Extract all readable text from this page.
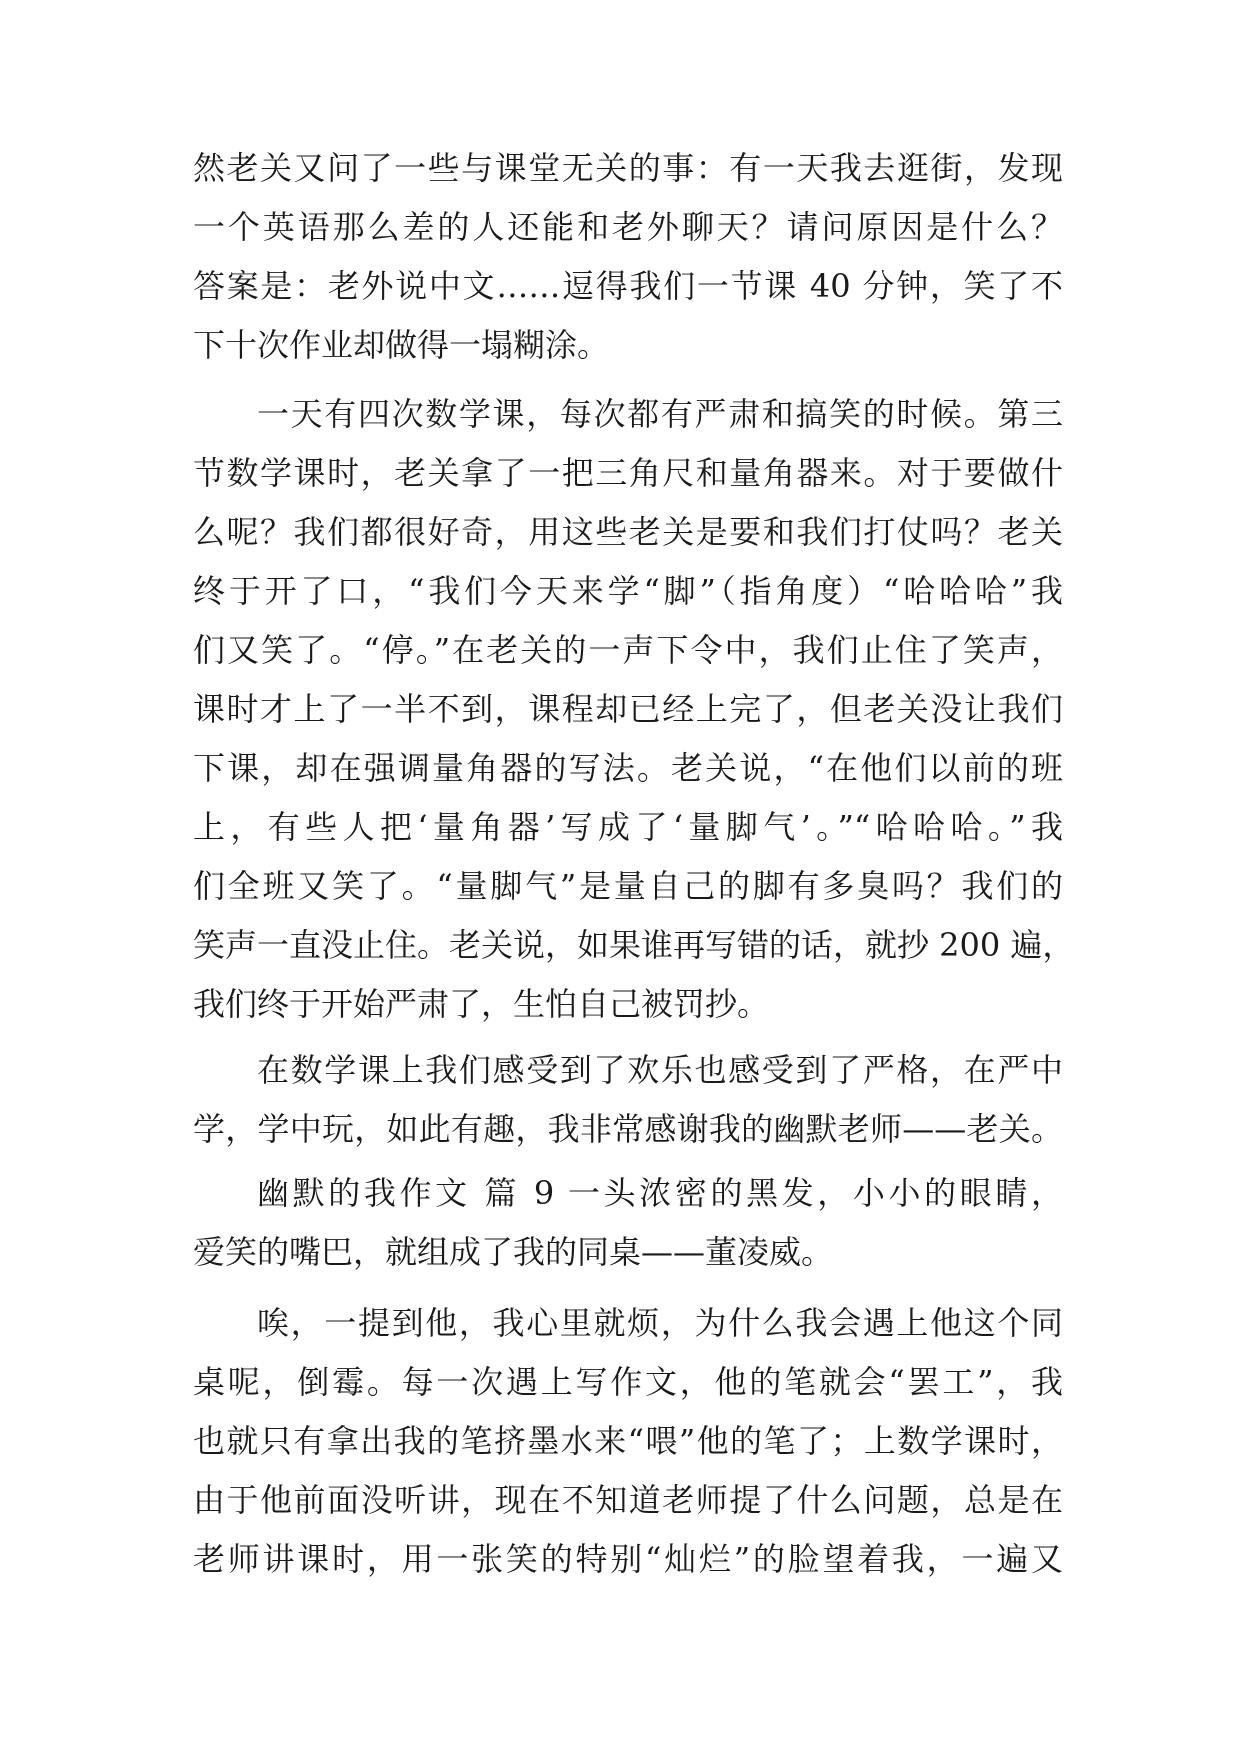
然老关又问了一些与课堂无关的事：有一天我去逛街，发现
一个英语那么差的人还能和老外聊天？请问原因是什么？
答案是：老外说中文……逗得我们一节课 40 分钟，笑了不
下十次作业却做得一塌糊涂。
一天有四次数学课，每次都有严肃和搞笑的时候。第三
节数学课时，老关拿了一把三角尺和量角器来。对于要做什
么呢？我们都很好奇，用这些老关是要和我们打仗吗？老关
终于开了口，“我们今天来学“脚”（指角度）“哈哈哈”我
们又笑了。“停。”在老关的一声下令中，我们止住了笑声，
课时才上了一半不到，课程却已经上完了，但老关没让我们
下课，却在强调量角器的写法。老关说，“在他们以前的班
上，有些人把‘量角器’写成了‘量脚气’。”“哈哈哈。”我
们全班又笑了。“量脚气”是量自己的脚有多臭吗？我们的
笑声一直没止住。老关说，如果谁再写错的话，就抄 200 遍，
我们终于开始严肃了，生怕自己被罚抄。
在数学课上我们感受到了欢乐也感受到了严格，在严中
学，学中玩，如此有趣，我非常感谢我的幽默老师——老关。
幽默的我作文 篇 9 一头浓密的黑发，小小的眼睛，
爱笑的嘴巴，就组成了我的同桌——董凌威。
唉，一提到他，我心里就烦，为什么我会遇上他这个同
桌呢，倒霉。每一次遇上写作文，他的笔就会“罢工”，我
也就只有拿出我的笔挤墨水来“喂”他的笔了；上数学课时，
由于他前面没听讲，现在不知道老师提了什么问题，总是在
老师讲课时，用一张笑的特别“灿烂”的脸望着我，一遍又
